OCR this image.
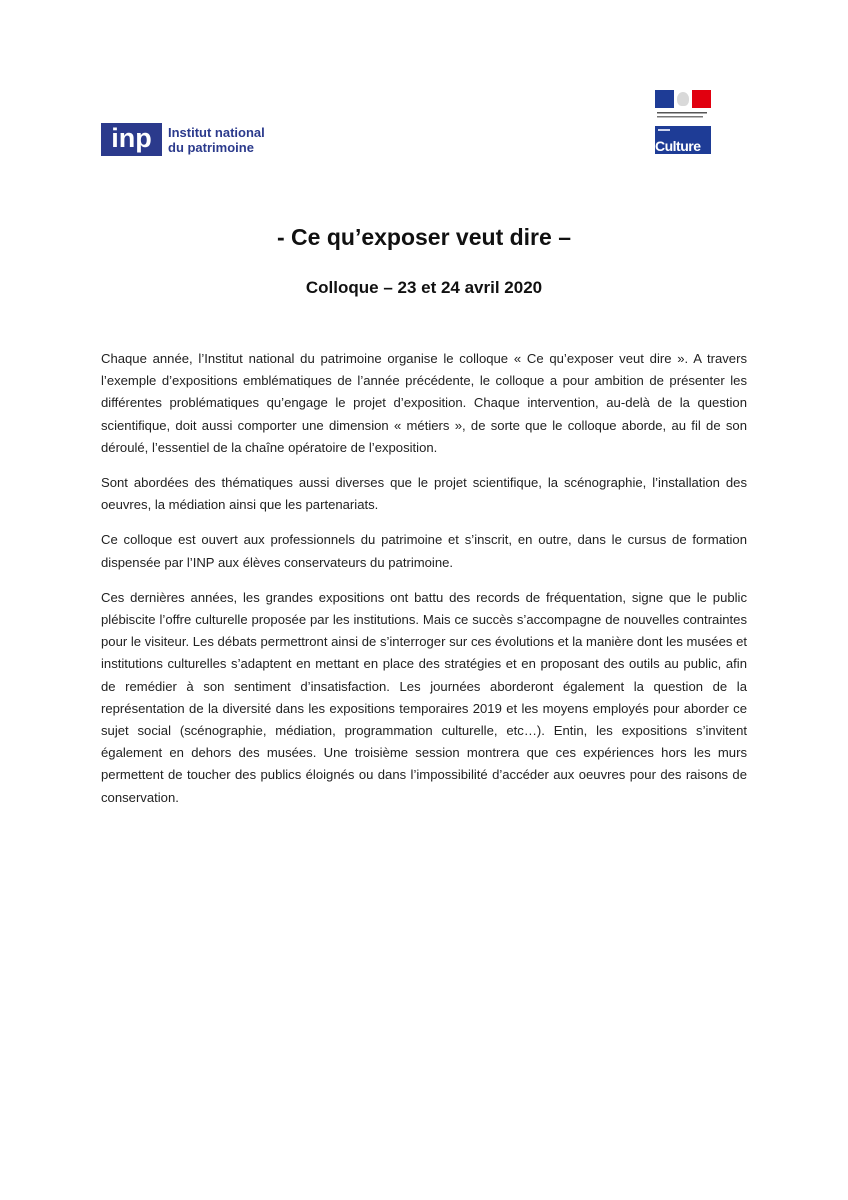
inp	Institut national
du patrimoine	Culture
- Ce qu’exposer veut dire –
Colloque – 23 et 24 avril 2020

Chaque année, l’Institut national du patrimoine organise le colloque « Ce qu’exposer veut dire ». A travers l’exemple d’expositions emblématiques de l’année précédente, le colloque a pour ambition de présenter les différentes problématiques qu’engage le projet d’exposition. Chaque intervention, au-delà de la question scientifique, doit aussi comporter une dimension « métiers », de sorte que le colloque aborde, au fil de son déroulé, l’essentiel de la chaîne opératoire de l’exposition.

Sont abordées des thématiques aussi diverses que le projet scientifique, la scénographie, l’installation des oeuvres, la médiation ainsi que les partenariats.

Ce colloque est ouvert aux professionnels du patrimoine et s’inscrit, en outre, dans le cursus de formation dispensée par l’INP aux élèves conservateurs du patrimoine.

Ces dernières années, les grandes expositions ont battu des records de fréquentation, signe que le public plébiscite l’offre culturelle proposée par les institutions. Mais ce succès s’accompagne de nouvelles contraintes pour le visiteur. Les débats permettront ainsi de s’interroger sur ces évolutions et la manière dont les musées et institutions culturelles s’adaptent en mettant en place des stratégies et en proposant des outils au public, afin de remédier à son sentiment d’insatisfaction. Les journées aborderont également la question de la représentation de la diversité dans les expositions temporaires 2019 et les moyens employés pour aborder ce sujet social (scénographie, médiation, programmation culturelle, etc…). Entin, les expositions s’invitent également en dehors des musées. Une troisième session montrera que ces expériences hors les murs permettent de toucher des publics éloignés ou dans l’impossibilité d’accéder aux oeuvres pour des raisons de conservation.
